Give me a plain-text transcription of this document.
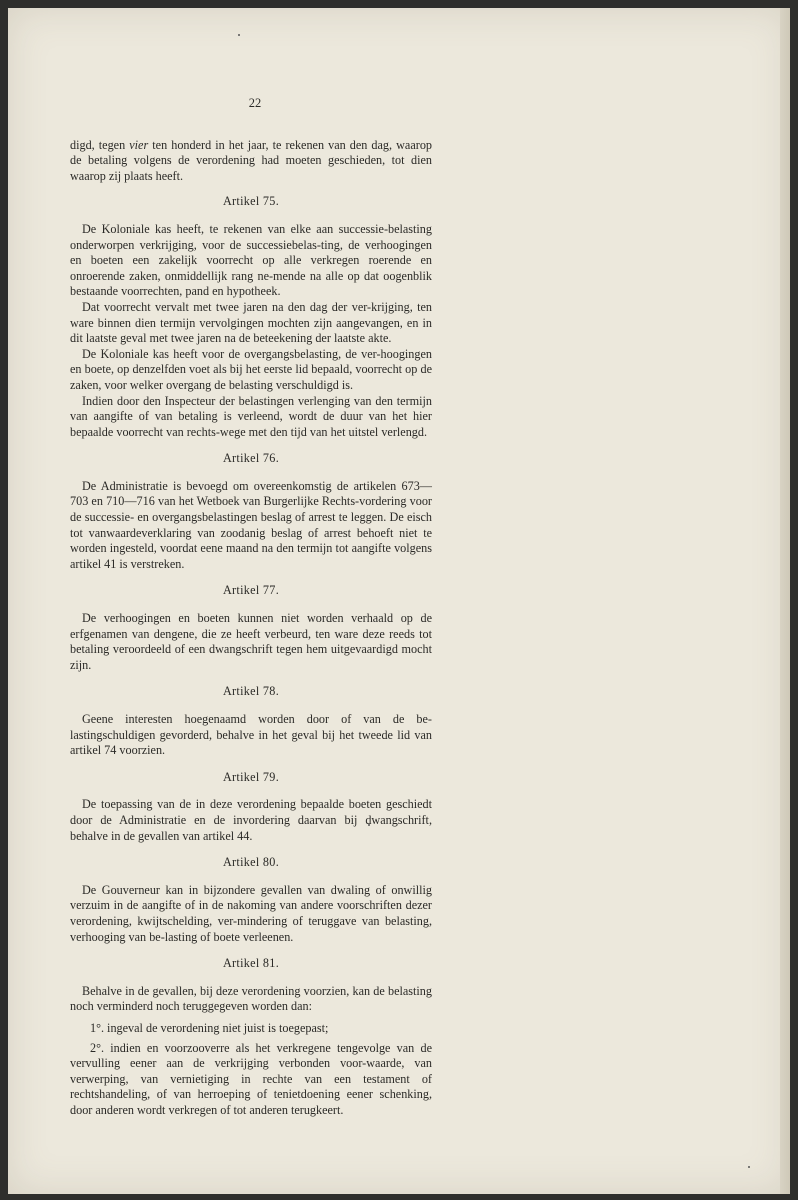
22

digd, tegen vier ten honderd in het jaar, te rekenen van den dag, waarop de betaling volgens de verordening had moeten geschieden, tot dien waarop zij plaats heeft.

Artikel 75.

De Koloniale kas heeft, te rekenen van elke aan successie-belasting onderworpen verkrijging, voor de successiebelas-ting, de verhoogingen en boeten een zakelijk voorrecht op alle verkregen roerende en onroerende zaken, onmiddellijk rang ne-mende na alle op dat oogenblik bestaande voorrechten, pand en hypotheek.

Dat voorrecht vervalt met twee jaren na den dag der ver-krijging, ten ware binnen dien termijn vervolgingen mochten zijn aangevangen, en in dit laatste geval met twee jaren na de beteekening der laatste akte.

De Koloniale kas heeft voor de overgangsbelasting, de ver-hoogingen en boete, op denzelfden voet als bij het eerste lid bepaald, voorrecht op de zaken, voor welker overgang de belasting verschuldigd is.

Indien door den Inspecteur der belastingen verlenging van den termijn van aangifte of van betaling is verleend, wordt de duur van het hier bepaalde voorrecht van rechts-wege met den tijd van het uitstel verlengd.

Artikel 76.

De Administratie is bevoegd om overeenkomstig de artikelen 673—703 en 710—716 van het Wetboek van Burgerlijke Rechts-vordering voor de successie- en overgangsbelastingen beslag of arrest te leggen. De eisch tot vanwaardeverklaring van zoodanig beslag of arrest behoeft niet te worden ingesteld, voordat eene maand na den termijn tot aangifte volgens artikel 41 is verstreken.

Artikel 77.

De verhoogingen en boeten kunnen niet worden verhaald op de erfgenamen van dengene, die ze heeft verbeurd, ten ware deze reeds tot betaling veroordeeld of een dwangschrift tegen hem uitgevaardigd mocht zijn.

Artikel 78.

Geene interesten hoegenaamd worden door of van de be-lastingschuldigen gevorderd, behalve in het geval bij het tweede lid van artikel 74 voorzien.

Artikel 79.

De toepassing van de in deze verordening bepaalde boeten geschiedt door de Administratie en de invordering daarvan bij dwangschrift, behalve in de gevallen van artikel 44.

Artikel 80.

De Gouverneur kan in bijzondere gevallen van dwaling of onwillig verzuim in de aangifte of in de nakoming van andere voorschriften dezer verordening, kwijtschelding, ver-mindering of teruggave van belasting, verhooging van be-lasting of boete verleenen.

Artikel 81.

Behalve in de gevallen, bij deze verordening voorzien, kan de belasting noch verminderd noch teruggegeven worden dan:

1°. ingeval de verordening niet juist is toegepast;

2°. indien en voorzooverre als het verkregene tengevolge van de vervulling eener aan de verkrijging verbonden voor-waarde, van verwerping, van vernietiging in rechte van een testament of rechtshandeling, of van herroeping of tenietdoening eener schenking, door anderen wordt verkregen of tot anderen terugkeert.
